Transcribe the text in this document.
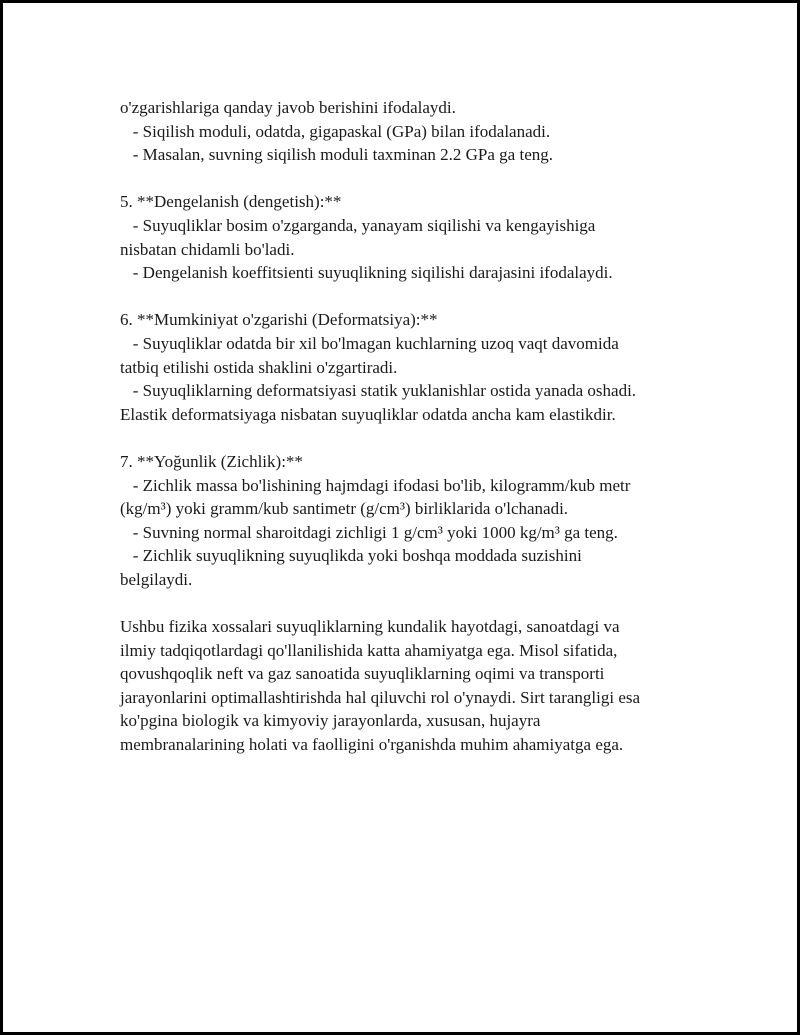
o'zgarishlariga qanday javob berishini ifodalaydi.
- Siqilish moduli, odatda, gigapaskal (GPa) bilan ifodalanadi.
- Masalan, suvning siqilish moduli taxminan 2.2 GPa ga teng.
5. **Dengelanish (dengetish):**
- Suyuqliklar bosim o'zgarganda, yanayam siqilishi va kengayishiga
nisbatan chidamli bo'ladi.
- Dengelanish koeffitsienti suyuqlikning siqilishi darajasini ifodalaydi.
6. **Mumkiniyat o'zgarishi (Deformatsiya):**
- Suyuqliklar odatda bir xil bo'lmagan kuchlarning uzoq vaqt davomida
tatbiq etilishi ostida shaklini o'zgartiradi.
- Suyuqliklarning deformatsiyasi statik yuklanishlar ostida yanada oshadi.
Elastik deformatsiyaga nisbatan suyuqliklar odatda ancha kam elastikdir.
7. **Yoğunlik (Zichlik):**
- Zichlik massa bo'lishining hajmdagi ifodasi bo'lib, kilogramm/kub metr
(kg/m³) yoki gramm/kub santimetr (g/cm³) birliklarida o'lchanadi.
- Suvning normal sharoitdagi zichligi 1 g/cm³ yoki 1000 kg/m³ ga teng.
- Zichlik suyuqlikning suyuqlikda yoki boshqa moddada suzishini
belgilaydi.
Ushbu fizika xossalari suyuqliklarning kundalik hayotdagi, sanoatdagi va
ilmiy tadqiqotlardagi qo'llanilishida katta ahamiyatga ega. Misol sifatida,
qovushqoqlik neft va gaz sanoatida suyuqliklarning oqimi va transporti
jarayonlarini optimallashtirishda hal qiluvchi rol o'ynaydi. Sirt tarangligi esa
ko'pgina biologik va kimyoviy jarayonlarda, xususan, hujayra
membranalarining holati va faolligini o'rganishda muhim ahamiyatga ega.
